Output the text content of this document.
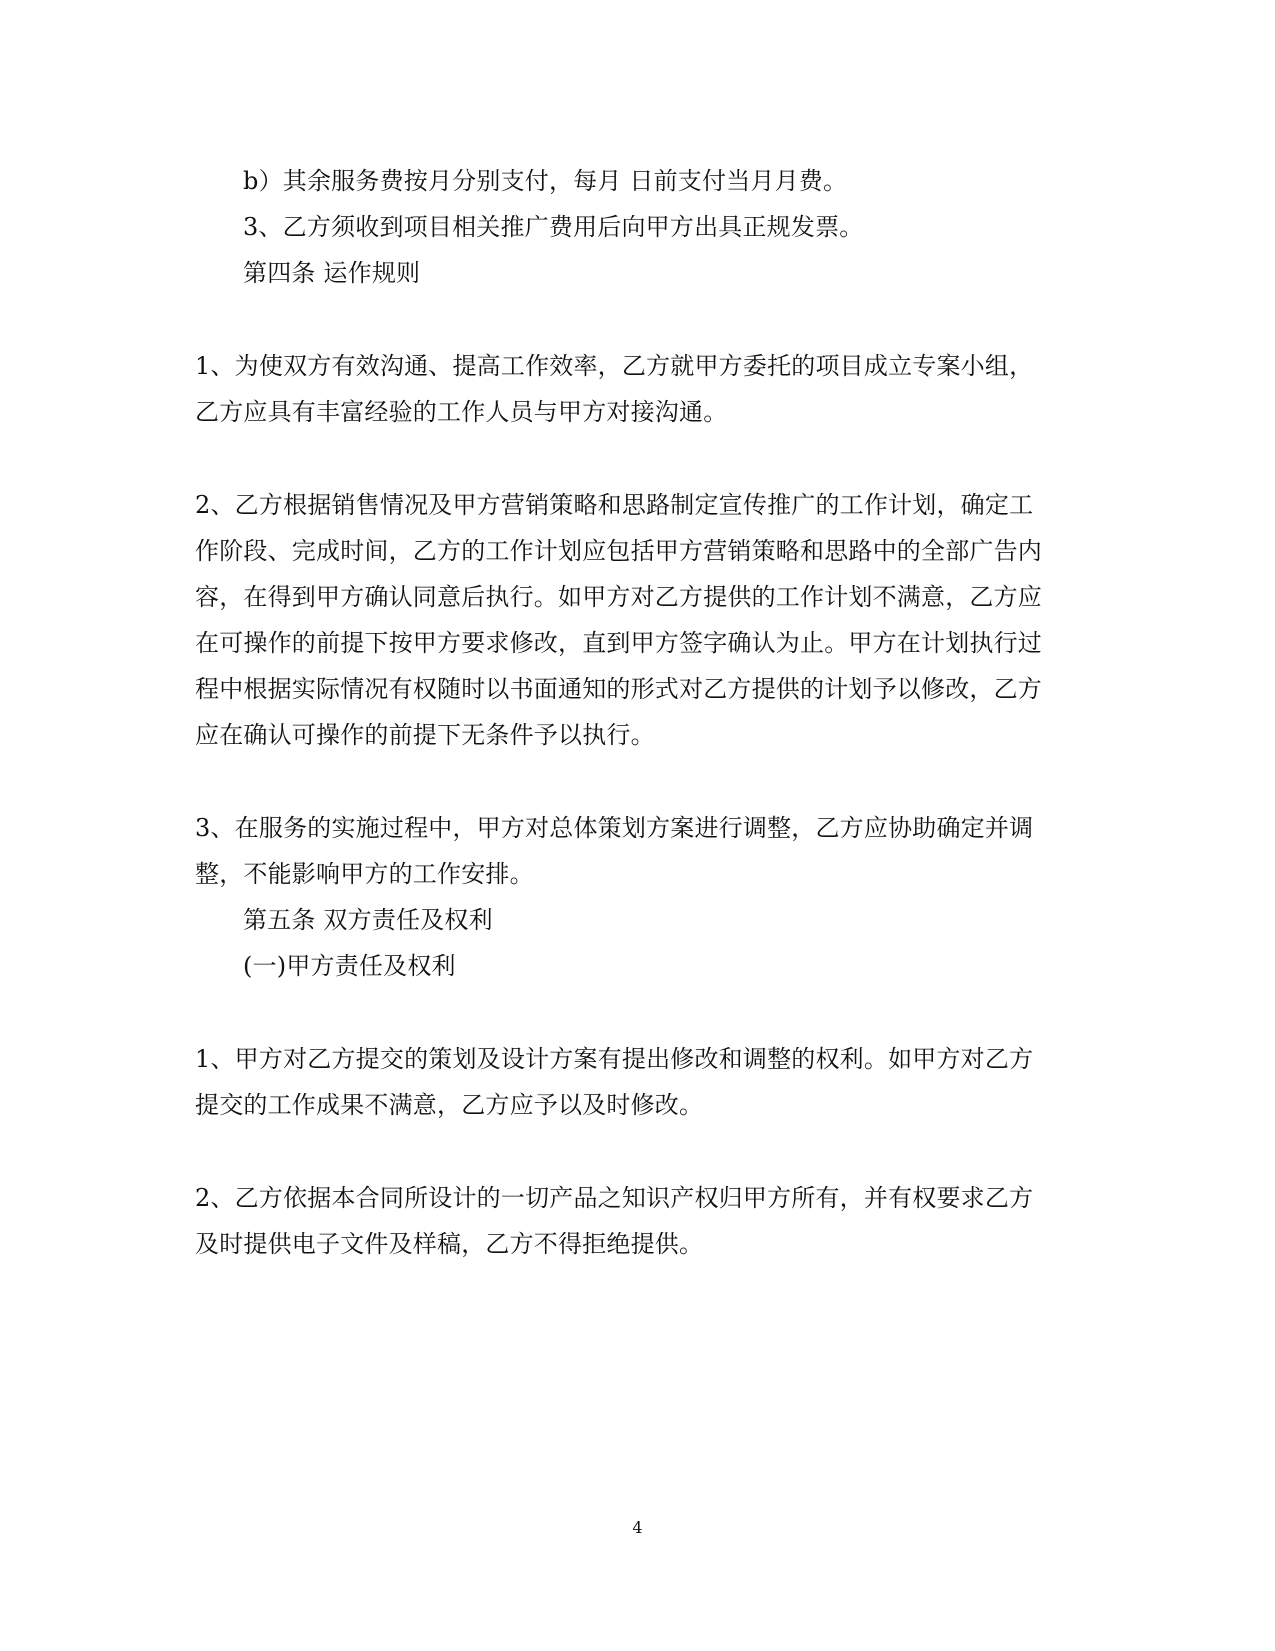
b）其余服务费按月分别支付，每月 日前支付当月月费。
3、乙方须收到项目相关推广费用后向甲方出具正规发票。
第四条 运作规则
1、为使双方有效沟通、提高工作效率，乙方就甲方委托的项目成立专案小组，
乙方应具有丰富经验的工作人员与甲方对接沟通。
2、乙方根据销售情况及甲方营销策略和思路制定宣传推广的工作计划，确定工
作阶段、完成时间，乙方的工作计划应包括甲方营销策略和思路中的全部广告内
容，在得到甲方确认同意后执行。如甲方对乙方提供的工作计划不满意，乙方应
在可操作的前提下按甲方要求修改，直到甲方签字确认为止。甲方在计划执行过
程中根据实际情况有权随时以书面通知的形式对乙方提供的计划予以修改，乙方
应在确认可操作的前提下无条件予以执行。
3、在服务的实施过程中，甲方对总体策划方案进行调整，乙方应协助确定并调
整，不能影响甲方的工作安排。
第五条 双方责任及权利
(一)甲方责任及权利
1、甲方对乙方提交的策划及设计方案有提出修改和调整的权利。如甲方对乙方
提交的工作成果不满意，乙方应予以及时修改。
2、乙方依据本合同所设计的一切产品之知识产权归甲方所有，并有权要求乙方
及时提供电子文件及样稿，乙方不得拒绝提供。
4
